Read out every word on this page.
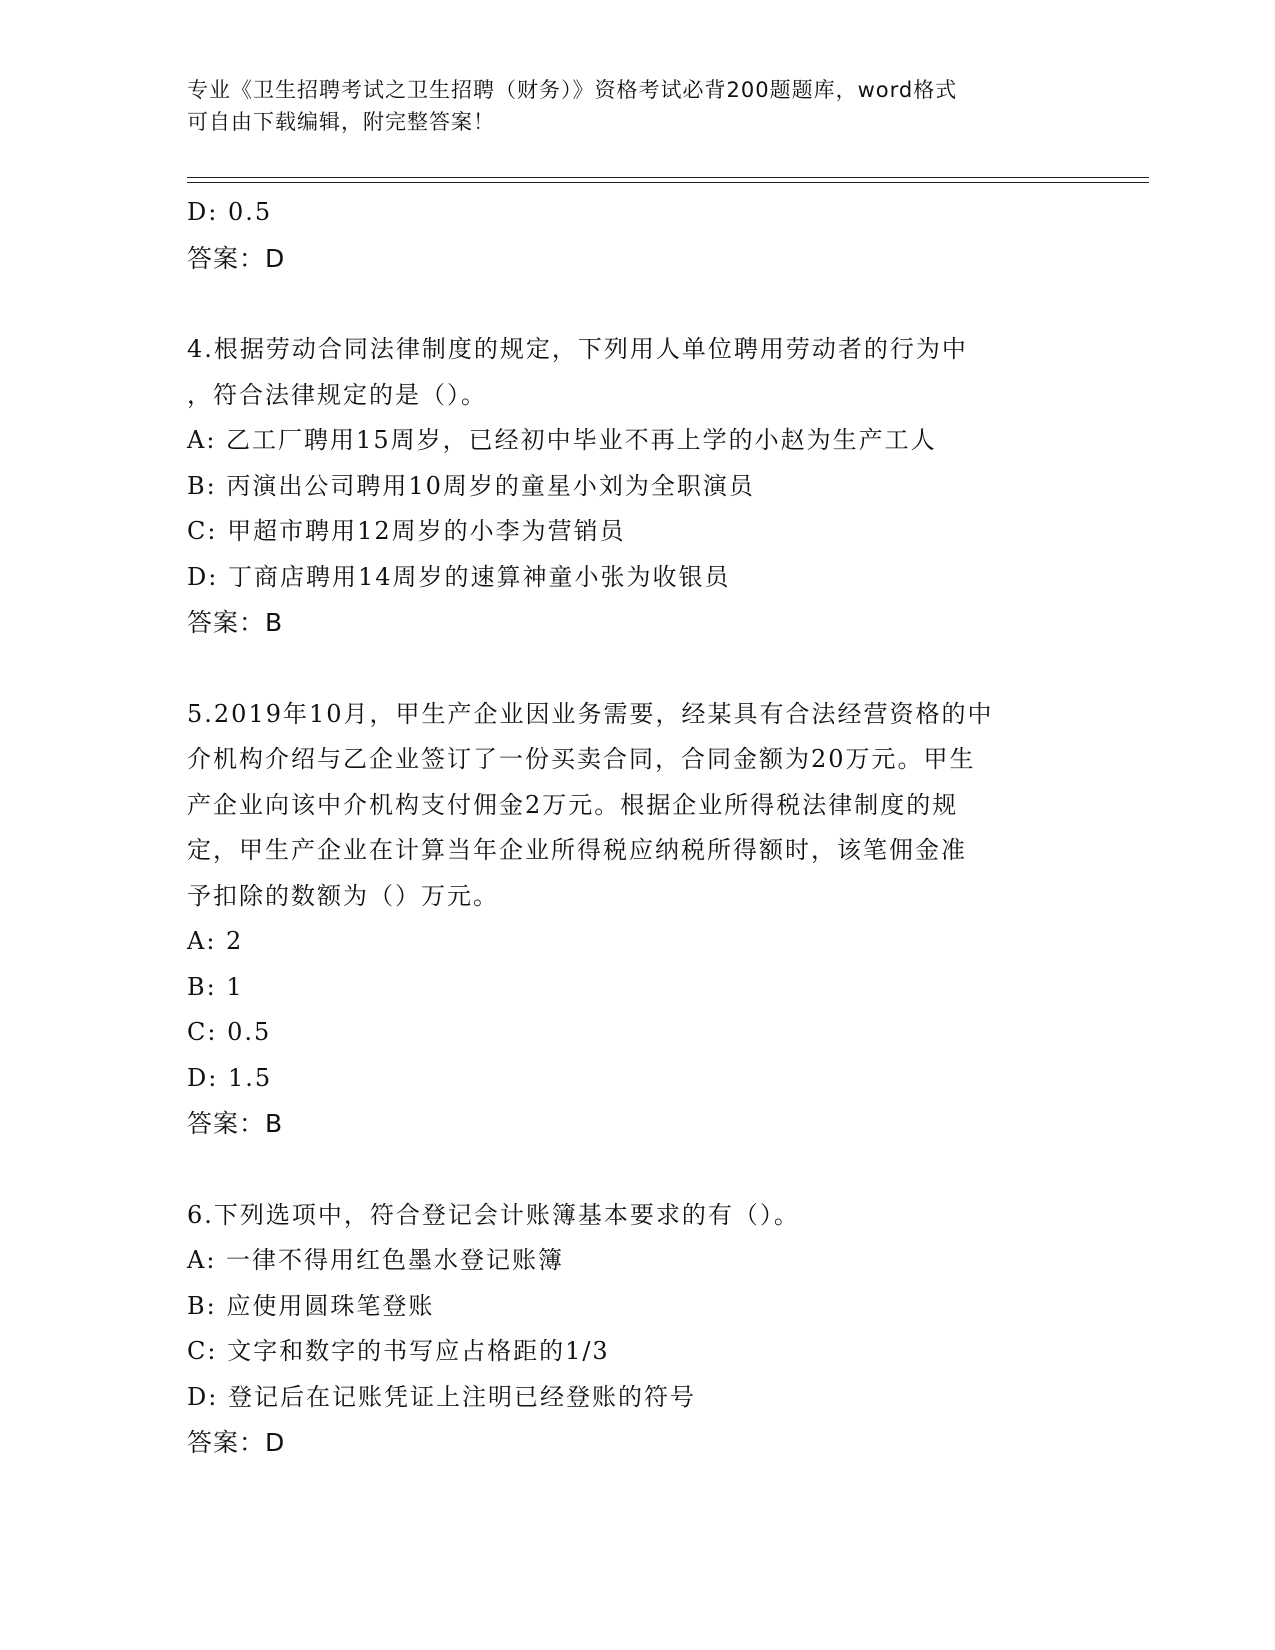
专业《卫生招聘考试之卫生招聘（财务）》资格考试必背200题题库，word格式
可自由下载编辑，附完整答案！
D: 0.5
答案：D
4.根据劳动合同法律制度的规定，下列用人单位聘用劳动者的行为中
，符合法律规定的是（）。
A: 乙工厂聘用15周岁，已经初中毕业不再上学的小赵为生产工人
B: 丙演出公司聘用10周岁的童星小刘为全职演员
C: 甲超市聘用12周岁的小李为营销员
D: 丁商店聘用14周岁的速算神童小张为收银员
答案：B
5.2019年10月，甲生产企业因业务需要，经某具有合法经营资格的中
介机构介绍与乙企业签订了一份买卖合同，合同金额为20万元。甲生
产企业向该中介机构支付佣金2万元。根据企业所得税法律制度的规
定，甲生产企业在计算当年企业所得税应纳税所得额时，该笔佣金准
予扣除的数额为（）万元。
A: 2
B: 1
C: 0.5
D: 1.5
答案：B
6.下列选项中，符合登记会计账簿基本要求的有（）。
A: 一律不得用红色墨水登记账簿
B: 应使用圆珠笔登账
C: 文字和数字的书写应占格距的1/3
D: 登记后在记账凭证上注明已经登账的符号
答案：D
